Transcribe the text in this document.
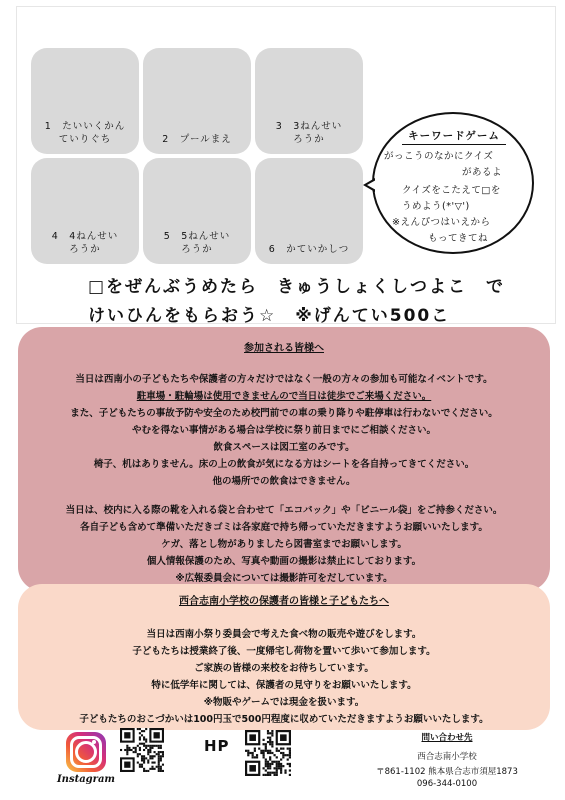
1　たいいくかん
ていりぐち	2　プールまえ
3　3ねんせい
ろうか
4　4ねんせい
ろうか
5　5ねんせい
ろうか	6　かていかしつ
キーワードゲーム
がっこうのなかにクイズ
があるよ
クイズをこたえて□を
うめよう(*'▽')
※えんぴつはいえから
もってきてね
□をぜんぶうめたら　きゅうしょくしつよこ　で
けいひんをもらおう☆　※げんてい500こ
参加される皆様へ
当日は西南小の子どもたちや保護者の方々だけではなく一般の方々の参加も可能なイベントです。
駐車場・駐輪場は使用できませんので当日は徒歩でご来場ください。
また、子どもたちの事故予防や安全のため校門前での車の乗り降りや駐停車は行わないでください。
やむを得ない事情がある場合は学校に祭り前日までにご相談ください。
飲食スペースは図工室のみです。
椅子、机はありません。床の上の飲食が気になる方はシートを各自持ってきてください。
他の場所での飲食はできません。
当日は、校内に入る際の靴を入れる袋と合わせて「エコバック」や「ビニール袋」をご持参ください。
各自子ども含めて準備いただきゴミは各家庭で持ち帰っていただきますようお願いいたします。
ケガ、落とし物がありましたら図書室までお願いします。
個人情報保護のため、写真や動画の撮影は禁止にしております。
※広報委員会については撮影許可をだしています。
西合志南小学校の保護者の皆様と子どもたちへ
当日は西南小祭り委員会で考えた食べ物の販売や遊びをします。
子どもたちは授業終了後、一度帰宅し荷物を置いて歩いて参加します。
ご家族の皆様の来校をお待ちしています。
特に低学年に関しては、保護者の見守りをお願いいたします。
※物販やゲームでは現金を扱います。
子どもたちのおこづかいは100円玉で500円程度に収めていただきますようお願いいたします。
Instagram
HP	問い合わせ先
西合志南小学校
〒861-1102 熊本県合志市須屋1873
096-344-0100
